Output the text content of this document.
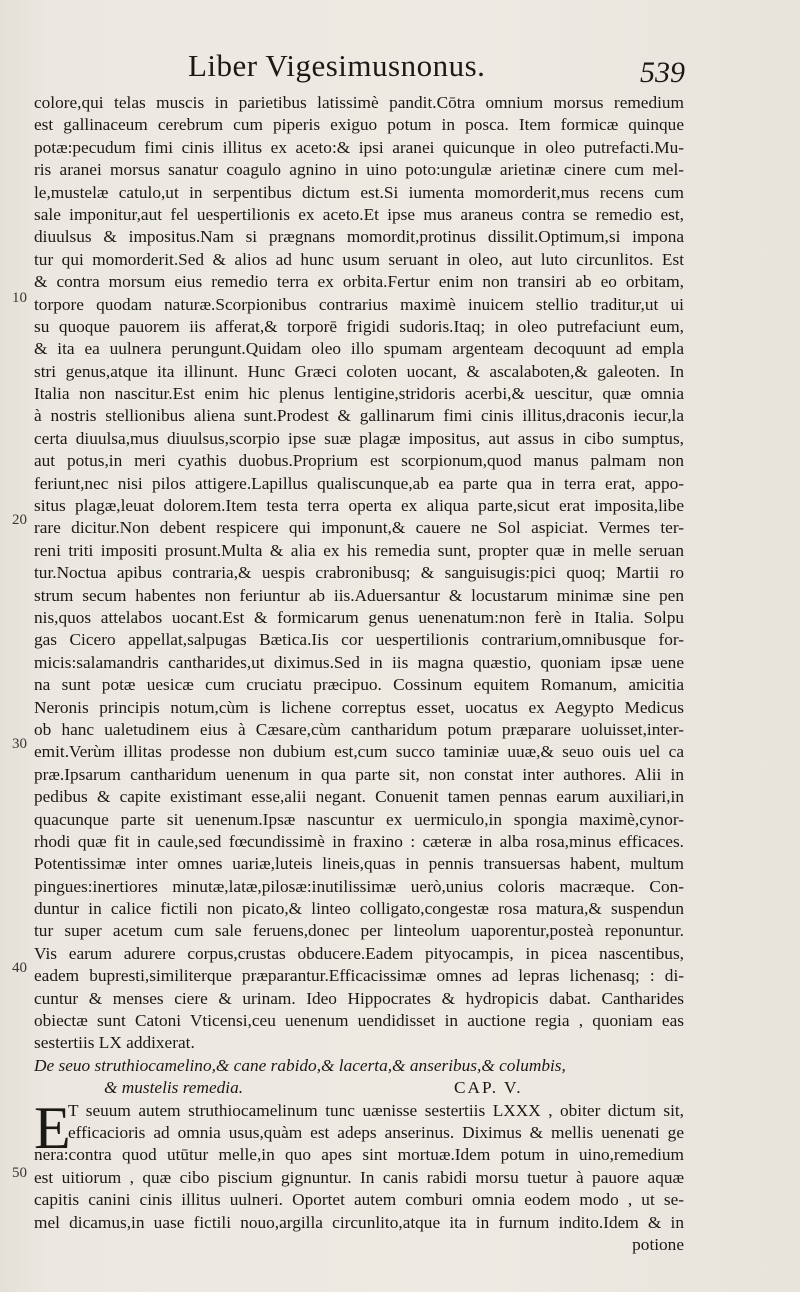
Liber Vigesimusnonus.	539
10
20
30
40
50
colore,qui telas muscis in parietibus latissimè pandit.Cōtra omnium morsus remedium
est gallinaceum cerebrum cum piperis exiguo potum in posca. Item formicæ quinque
potæ:pecudum fimi cinis illitus ex aceto:& ipsi aranei quicunque in oleo putrefacti.Mu-
ris aranei morsus sanatur coagulo agnino in uino poto:ungulæ arietinæ cinere cum mel-
le,mustelæ catulo,ut in serpentibus dictum est.Si iumenta momorderit,mus recens cum
sale imponitur,aut fel uespertilionis ex aceto.Et ipse mus araneus contra se remedio est,
diuulsus & impositus.Nam si prægnans momordit,protinus dissilit.Optimum,si impona
tur qui momorderit.Sed & alios ad hunc usum seruant in oleo, aut luto circunlitos. Est
& contra morsum eius remedio terra ex orbita.Fertur enim non transiri ab eo orbitam,
torpore quodam naturæ.Scorpionibus contrarius maximè inuicem stellio traditur,ut ui
su quoque pauorem iis afferat,& torporē frigidi sudoris.Itaq; in oleo putrefaciunt eum,
& ita ea uulnera perungunt.Quidam oleo illo spumam argenteam decoquunt ad empla
stri genus,atque ita illinunt. Hunc Græci coloten uocant, & ascalaboten,& galeoten. In
Italia non nascitur.Est enim hic plenus lentigine,stridoris acerbi,& uescitur, quæ omnia
à nostris stellionibus aliena sunt.Prodest & gallinarum fimi cinis illitus,draconis iecur,la
certa diuulsa,mus diuulsus,scorpio ipse suæ plagæ impositus, aut assus in cibo sumptus,
aut potus,in meri cyathis duobus.Proprium est scorpionum,quod manus palmam non
feriunt,nec nisi pilos attigere.Lapillus qualiscunque,ab ea parte qua in terra erat, appo-
situs plagæ,leuat dolorem.Item testa terra operta ex aliqua parte,sicut erat imposita,libe
rare dicitur.Non debent respicere qui imponunt,& cauere ne Sol aspiciat. Vermes ter-
reni triti impositi prosunt.Multa & alia ex his remedia sunt, propter quæ in melle seruan
tur.Noctua apibus contraria,& uespis crabronibusq; & sanguisugis:pici quoq; Martii ro
strum secum habentes non feriuntur ab iis.Aduersantur & locustarum minimæ sine pen
nis,quos attelabos uocant.Est & formicarum genus uenenatum:non ferè in Italia. Solpu
gas Cicero appellat,salpugas Bætica.Iis cor uespertilionis contrarium,omnibusque for-
micis:salamandris cantharides,ut diximus.Sed in iis magna quæstio, quoniam ipsæ uene
na sunt potæ uesicæ cum cruciatu præcipuo. Cossinum equitem Romanum, amicitia
Neronis principis notum,cùm is lichene correptus esset, uocatus ex Aegypto Medicus
ob hanc ualetudinem eius à Cæsare,cùm cantharidum potum præparare uoluisset,inter-
emit.Verùm illitas prodesse non dubium est,cum succo taminiæ uuæ,& seuo ouis uel ca
præ.Ipsarum cantharidum uenenum in qua parte sit, non constat inter authores. Alii in
pedibus & capite existimant esse,alii negant. Conuenit tamen pennas earum auxiliari,in
quacunque parte sit uenenum.Ipsæ nascuntur ex uermiculo,in spongia maximè,cynor-
rhodi quæ fit in caule,sed fœcundissimè in fraxino : cæteræ in alba rosa,minus efficaces.
Potentissimæ inter omnes uariæ,luteis lineis,quas in pennis transuersas habent, multum
pingues:inertiores minutæ,latæ,pilosæ:inutilissimæ uerò,unius coloris macræque. Con-
duntur in calice fictili non picato,& linteo colligato,congestæ rosa matura,& suspendun
tur super acetum cum sale feruens,donec per linteolum uaporentur,posteà reponuntur.
Vis earum adurere corpus,crustas obducere.Eadem pityocampis, in picea nascentibus,
eadem bupresti,similiterque præparantur.Efficacissimæ omnes ad lepras lichenasq; : di-
cuntur & menses ciere & urinam. Ideo Hippocrates & hydropicis dabat. Cantharides
obiectæ sunt Catoni Vticensi,ceu uenenum uendidisset in auctione regia , quoniam eas
sestertiis LX addixerat.
De seuo struthiocamelino,& cane rabido,& lacerta,& anseribus,& columbis,
& mustelis remedia.	CAP. V.
T seuum autem struthiocamelinum tunc uænisse sestertiis LXXX , obiter dictum sit,
efficacioris ad omnia usus,quàm est adeps anserinus. Diximus & mellis uenenati ge
nera:contra quod utūtur melle,in quo apes sint mortuæ.Idem potum in uino,remedium
est uitiorum , quæ cibo piscium gignuntur. In canis rabidi morsu tuetur à pauore aquæ
capitis canini cinis illitus uulneri. Oportet autem comburi omnia eodem modo , ut se-
mel dicamus,in uase fictili nouo,argilla circunlito,atque ita in furnum indito.Idem & in
potione
E
